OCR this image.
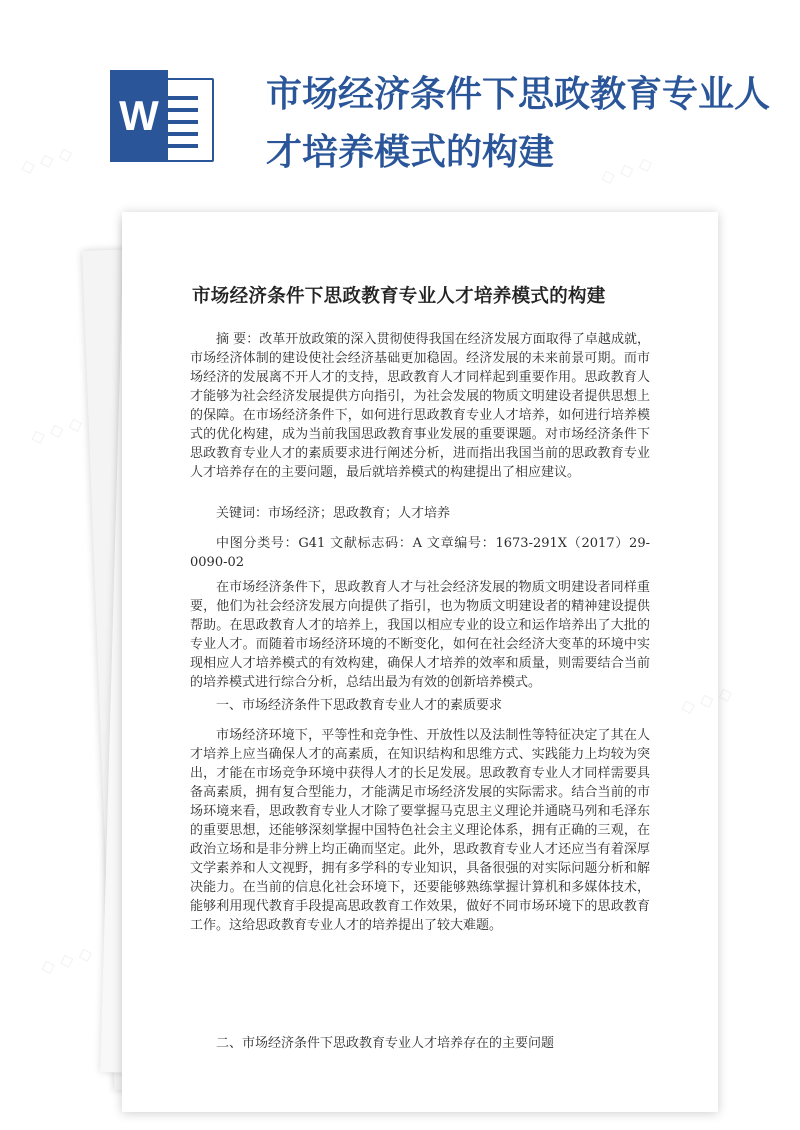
W	市场经济条件下思政教育专业人才培养模式的构建
市场经济条件下思政教育专业人才培养模式的构建

摘 要：改革开放政策的深入贯彻使得我国在经济发展方面取得了卓越成就，市场经济体制的建设使社会经济基础更加稳固。经济发展的未来前景可期。而市场经济的发展离不开人才的支持，思政教育人才同样起到重要作用。思政教育人才能够为社会经济发展提供方向指引，为社会发展的物质文明建设者提供思想上的保障。在市场经济条件下，如何进行思政教育专业人才培养，如何进行培养模式的优化构建，成为当前我国思政教育事业发展的重要课题。对市场经济条件下思政教育专业人才的素质要求进行阐述分析，进而指出我国当前的思政教育专业人才培养存在的主要问题，最后就培养模式的构建提出了相应建议。

关键词：市场经济；思政教育；人才培养

中图分类号：G41 文献标志码：A 文章编号：1673-291X（2017）29-0090-02

在市场经济条件下，思政教育人才与社会经济发展的物质文明建设者同样重要，他们为社会经济发展方向提供了指引，也为物质文明建设者的精神建设提供帮助。在思政教育人才的培养上，我国以相应专业的设立和运作培养出了大批的专业人才。而随着市场经济环境的不断变化，如何在社会经济大变革的环境中实现相应人才培养模式的有效构建，确保人才培养的效率和质量，则需要结合当前的培养模式进行综合分析，总结出最为有效的创新培养模式。

一、市场经济条件下思政教育专业人才的素质要求

市场经济环境下，平等性和竞争性、开放性以及法制性等特征决定了其在人才培养上应当确保人才的高素质，在知识结构和思维方式、实践能力上均较为突出，才能在市场竞争环境中获得人才的长足发展。思政教育专业人才同样需要具备高素质，拥有复合型能力，才能满足市场经济发展的实际需求。结合当前的市场环境来看，思政教育专业人才除了要掌握马克思主义理论并通晓马列和毛泽东的重要思想，还能够深刻掌握中国特色社会主义理论体系，拥有正确的三观，在政治立场和是非分辨上均正确而坚定。此外，思政教育专业人才还应当有着深厚文学素养和人文视野，拥有多学科的专业知识，具备很强的对实际问题分析和解决能力。在当前的信息化社会环境下，还要能够熟练掌握计算机和多媒体技术，能够利用现代教育手段提高思政教育工作效果，做好不同市场环境下的思政教育工作。这给思政教育专业人才的培养提出了较大难题。

二、市场经济条件下思政教育专业人才培养存在的主要问题

◇ ◇ ◇	◇ ◇ ◇
◇ ◇ ◇
◇
◇ ◇ ◇
